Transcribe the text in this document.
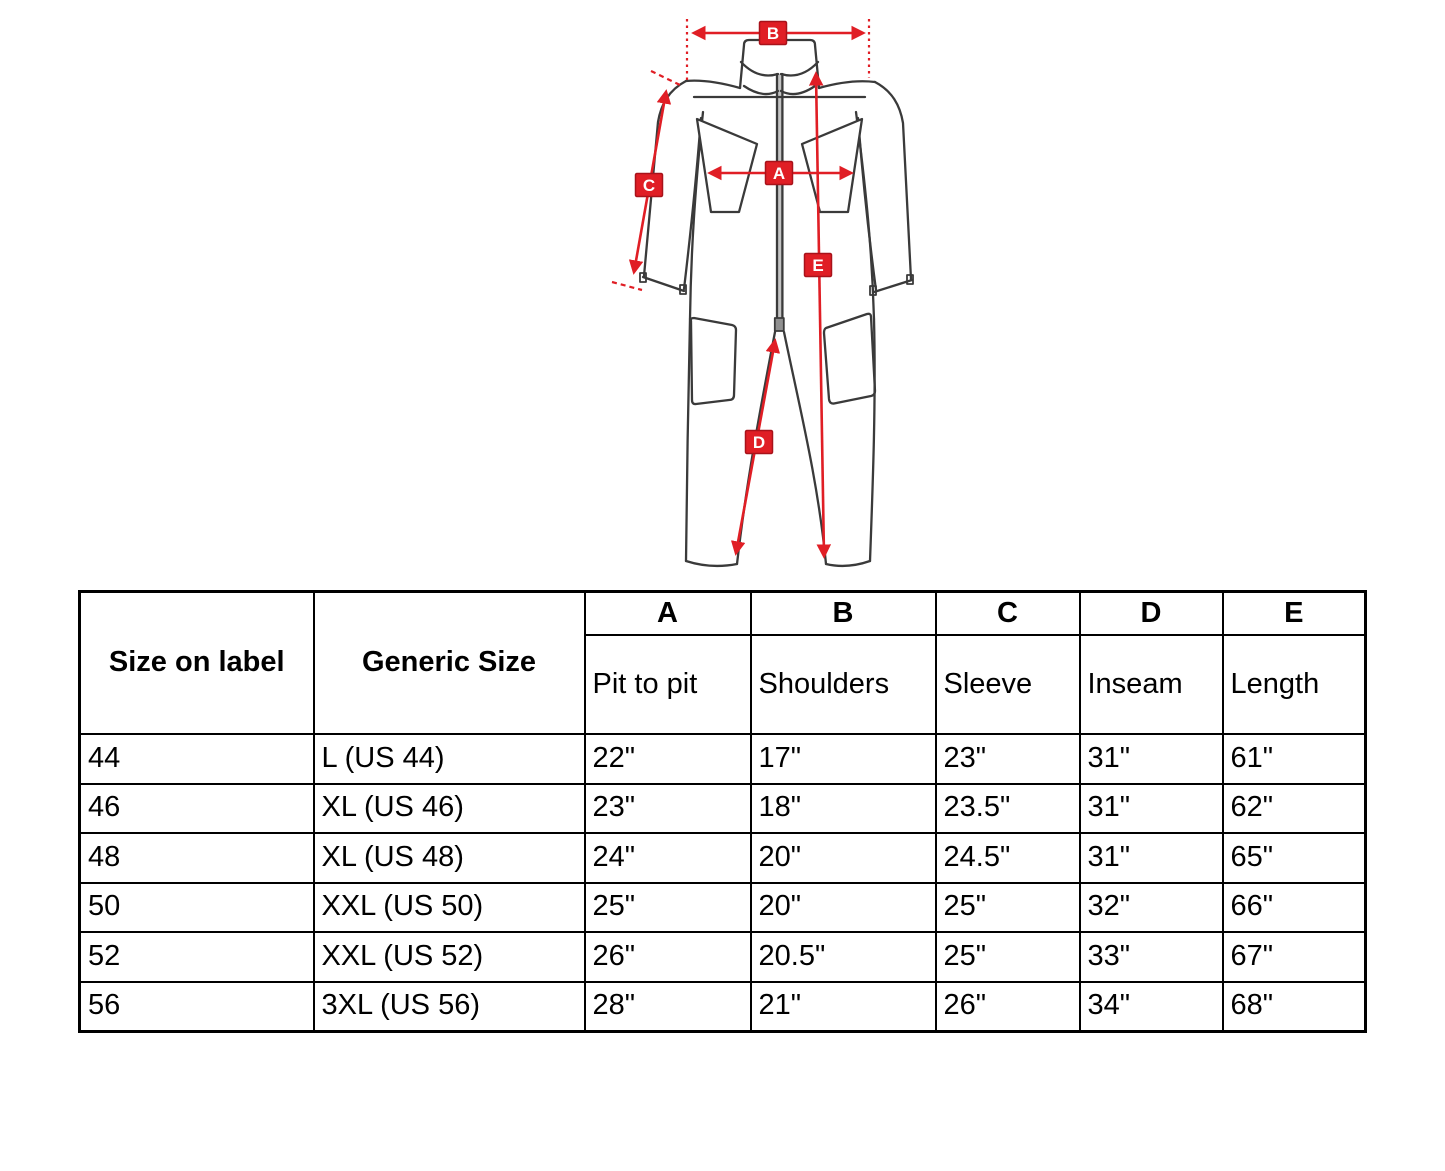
B
C
A
E
D
Size on label	Generic Size	A	B	C	D	E
		Pit to pit	Shoulders	Sleeve	Inseam	Length
44	L (US 44)	22"	17"	23"	31"	61"
46	XL (US 46)	23"	18"	23.5"	31"	62"
48	XL (US 48)	24"	20"	24.5"	31"	65"
50	XXL (US 50)	25"	20"	25"	32"	66"
52	XXL (US 52)	26"	20.5"	25"	33"	67"
56	3XL (US 56)	28"	21"	26"	34"	68"
